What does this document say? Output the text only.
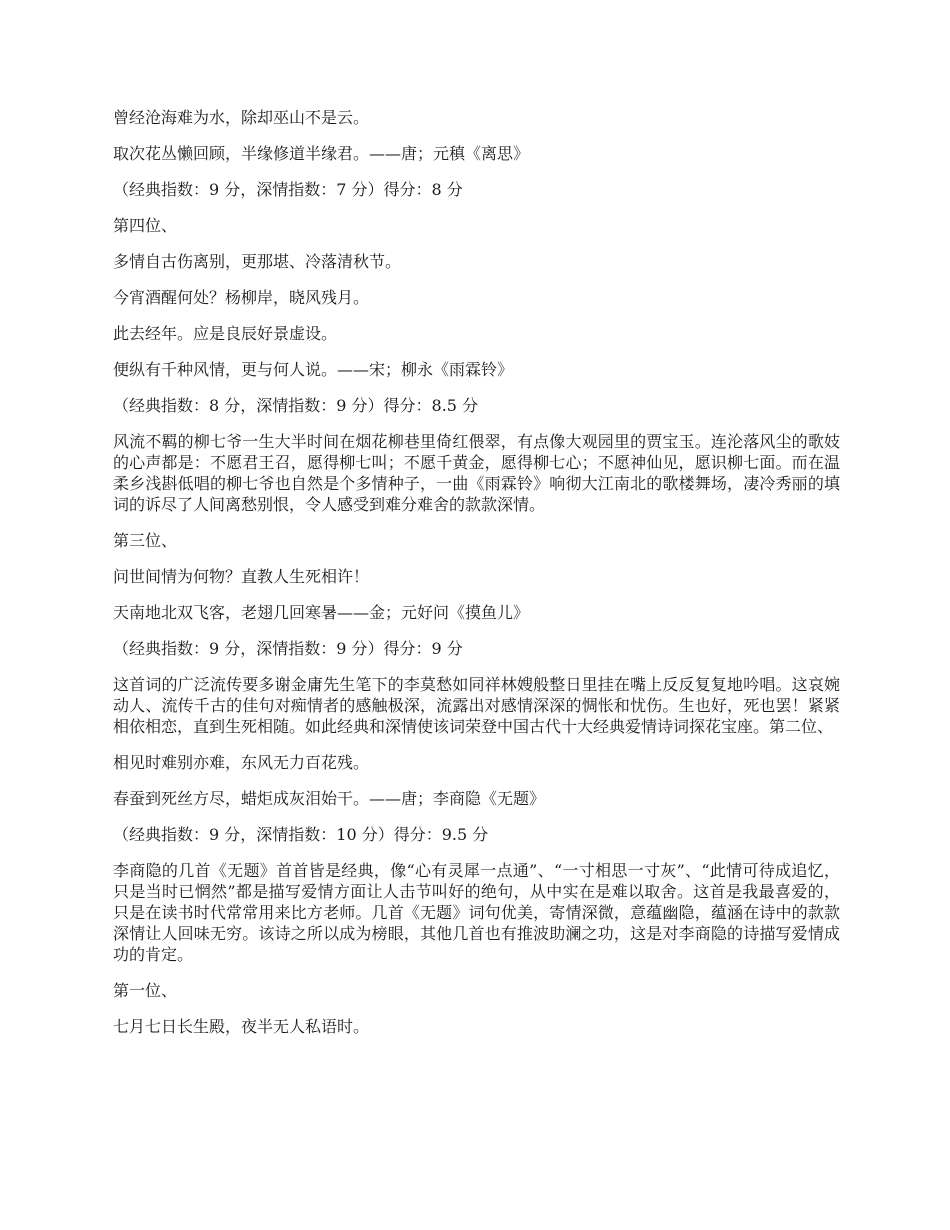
曾经沧海难为水，除却巫山不是云。

取次花丛懒回顾，半缘修道半缘君。——唐；元稹《离思》

（经典指数：9 分，深情指数：7 分）得分：8 分

第四位、

多情自古伤离别，更那堪、冷落清秋节。

今宵酒醒何处？杨柳岸，晓风残月。

此去经年。应是良辰好景虚设。

便纵有千种风情，更与何人说。——宋；柳永《雨霖铃》

（经典指数：8 分，深情指数：9 分）得分：8.5 分

风流不羁的柳七爷一生大半时间在烟花柳巷里倚红偎翠，有点像大观园里的贾宝玉。连沦落风尘的歌妓的心声都是：不愿君王召，愿得柳七叫；不愿千黄金，愿得柳七心；不愿神仙见，愿识柳七面。而在温柔乡浅斟低唱的柳七爷也自然是个多情种子，一曲《雨霖铃》响彻大江南北的歌楼舞场，凄冷秀丽的填词的诉尽了人间离愁别恨，令人感受到难分难舍的款款深情。

第三位、

问世间情为何物？直教人生死相许！

天南地北双飞客，老翅几回寒暑——金；元好问《摸鱼儿》

（经典指数：9 分，深情指数：9 分）得分：9 分

这首词的广泛流传要多谢金庸先生笔下的李莫愁如同祥林嫂般整日里挂在嘴上反反复复地吟唱。这哀婉动人、流传千古的佳句对痴情者的感触极深，流露出对感情深深的惆怅和忧伤。生也好，死也罢！紧紧相依相恋，直到生死相随。如此经典和深情使该词荣登中国古代十大经典爱情诗词探花宝座。第二位、

相见时难别亦难，东风无力百花残。

春蚕到死丝方尽，蜡炬成灰泪始干。——唐；李商隐《无题》

（经典指数：9 分，深情指数：10 分）得分：9.5 分

李商隐的几首《无题》首首皆是经典，像“心有灵犀一点通”、“一寸相思一寸灰”、“此情可待成追忆，只是当时已惘然”都是描写爱情方面让人击节叫好的绝句，从中实在是难以取舍。这首是我最喜爱的，只是在读书时代常常用来比方老师。几首《无题》词句优美，寄情深微，意蕴幽隐，蕴涵在诗中的款款深情让人回味无穷。该诗之所以成为榜眼，其他几首也有推波助澜之功，这是对李商隐的诗描写爱情成功的肯定。

第一位、

七月七日长生殿，夜半无人私语时。
